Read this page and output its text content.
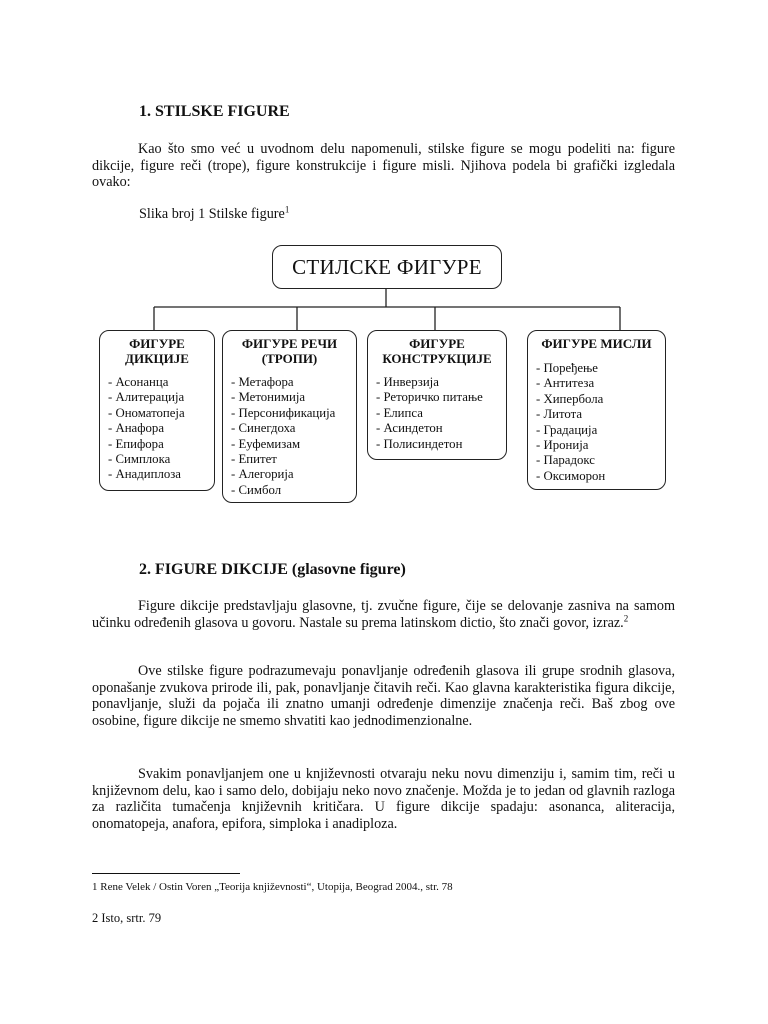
1. STILSKE FIGURE

Kao što smo već u uvodnom delu napomenuli, stilske figure se mogu podeliti na: figure dikcije, figure reči (trope), figure konstrukcije i figure misli. Njihova podela bi grafički izgledala ovako:

Slika broj 1 Stilske figure$^1$

СТИЛСКЕ ФИГУРЕ
ФИГУРЕ ДИКЦИЈЕ
- Асонанца
- Алитерација
- Ономатопеја
- Анафора
- Епифора
- Симплока
- Анадиплоза
ФИГУРЕ РЕЧИ (ТРОПИ)
- Метафора
- Метонимија
- Персонификација
- Синегдоха
- Еуфемизам
- Епитет
- Алегорија
- Симбол
ФИГУРЕ КОНСТРУКЦИЈЕ
- Инверзија
- Реторичко питање
- Елипса
- Асиндетон
- Полисиндетон
ФИГУРЕ МИСЛИ
- Поређење
- Антитеза
- Хипербола
- Литота
- Градација
- Иронија
- Парадокс
- Оксиморон
2. FIGURE DIKCIJE (glasovne figure)

Figure dikcije predstavljaju glasovne, tj. zvučne figure, čije se delovanje zasniva na samom učinku određenih glasova u govoru. Nastale su prema latinskom dictio, što znači govor, izraz.$^2$

Ove stilske figure podrazumevaju ponavljanje određenih glasova ili grupe srodnih glasova, oponašanje zvukova prirode ili, pak, ponavljanje čitavih reči. Kao glavna karakteristika figura dikcije, ponavljanje, služi da pojača ili znatno umanji određenje dimenzije značenja reči. Baš zbog ove osobine, figure dikcije ne smemo shvatiti kao jednodimenzionalne.

Svakim ponavljanjem one u književnosti otvaraju neku novu dimenziju i, samim tim, reči u književnom delu, kao i samo delo, dobijaju neko novo značenje. Možda je to jedan od glavnih razloga za različita tumačenja književnih kritičara. U figure dikcije spadaju: asonanca, aliteracija, onomatopeja, anafora, epifora, simploka i anadiploza.

1 Rene Velek / Ostin Voren „Teorija književnosti“, Utopija, Beograd 2004., str. 78
2 Isto, srtr. 79
